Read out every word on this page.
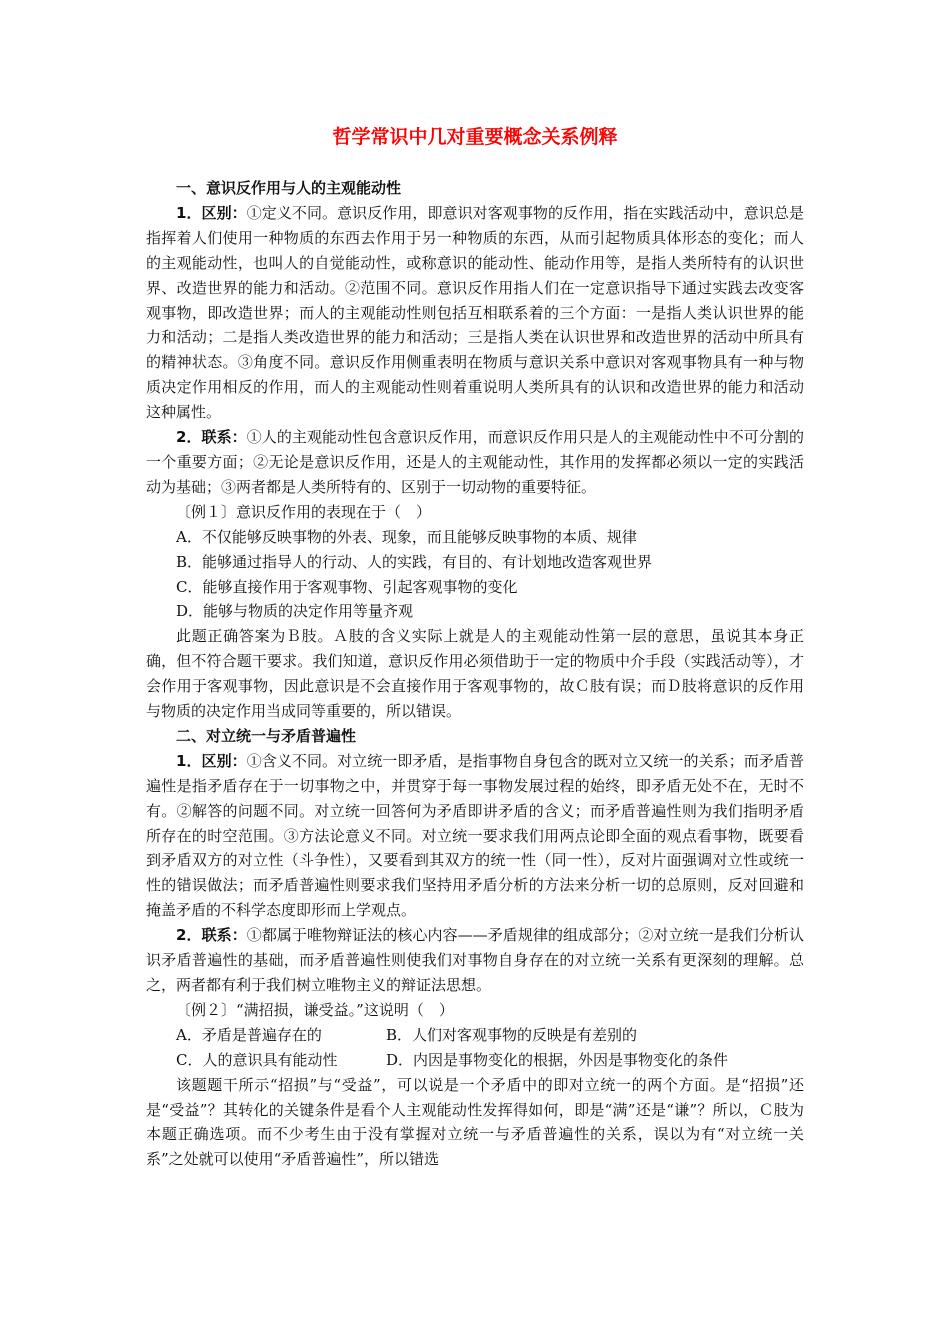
哲学常识中几对重要概念关系例释
一、意识反作用与人的主观能动性

1．区别：①定义不同。意识反作用，即意识对客观事物的反作用，指在实践活动中，意识总是指挥着人们使用一种物质的东西去作用于另一种物质的东西，从而引起物质具体形态的变化；而人的主观能动性，也叫人的自觉能动性，或称意识的能动性、能动作用等，是指人类所特有的认识世界、改造世界的能力和活动。②范围不同。意识反作用指人们在一定意识指导下通过实践去改变客观事物，即改造世界；而人的主观能动性则包括互相联系着的三个方面：一是指人类认识世界的能力和活动；二是指人类改造世界的能力和活动；三是指人类在认识世界和改造世界的活动中所具有的精神状态。③角度不同。意识反作用侧重表明在物质与意识关系中意识对客观事物具有一种与物质决定作用相反的作用，而人的主观能动性则着重说明人类所具有的认识和改造世界的能力和活动这种属性。

2．联系：①人的主观能动性包含意识反作用，而意识反作用只是人的主观能动性中不可分割的一个重要方面；②无论是意识反作用，还是人的主观能动性，其作用的发挥都必须以一定的实践活动为基础；③两者都是人类所特有的、区别于一切动物的重要特征。

〔例１〕意识反作用的表现在于（　）
A．不仅能够反映事物的外表、现象，而且能够反映事物的本质、规律
B．能够通过指导人的行动、人的实践，有目的、有计划地改造客观世界
C．能够直接作用于客观事物、引起客观事物的变化
D．能够与物质的决定作用等量齐观

此题正确答案为Ｂ肢。Ａ肢的含义实际上就是人的主观能动性第一层的意思，虽说其本身正确，但不符合题干要求。我们知道，意识反作用必须借助于一定的物质中介手段（实践活动等），才会作用于客观事物，因此意识是不会直接作用于客观事物的，故Ｃ肢有误；而Ｄ肢将意识的反作用与物质的决定作用当成同等重要的，所以错误。

二、对立统一与矛盾普遍性

1．区别：①含义不同。对立统一即矛盾，是指事物自身包含的既对立又统一的关系；而矛盾普遍性是指矛盾存在于一切事物之中，并贯穿于每一事物发展过程的始终，即矛盾无处不在，无时不有。②解答的问题不同。对立统一回答何为矛盾即讲矛盾的含义；而矛盾普遍性则为我们指明矛盾所存在的时空范围。③方法论意义不同。对立统一要求我们用两点论即全面的观点看事物，既要看到矛盾双方的对立性（斗争性），又要看到其双方的统一性（同一性），反对片面强调对立性或统一性的错误做法；而矛盾普遍性则要求我们坚持用矛盾分析的方法来分析一切的总原则，反对回避和掩盖矛盾的不科学态度即形而上学观点。

2．联系：①都属于唯物辩证法的核心内容——矛盾规律的组成部分；②对立统一是我们分析认识矛盾普遍性的基础，而矛盾普遍性则使我们对事物自身存在的对立统一关系有更深刻的理解。总之，两者都有利于我们树立唯物主义的辩证法思想。

〔例２〕“满招损，谦受益。”这说明（　）
A．矛盾是普遍存在的	B．人们对客观事物的反映是有差别的
C．人的意识具有能动性	D．内因是事物变化的根据，外因是事物变化的条件

该题题干所示“招损”与“受益”，可以说是一个矛盾中的即对立统一的两个方面。是“招损”还是“受益”？其转化的关键条件是看个人主观能动性发挥得如何，即是“满”还是“谦”？所以，Ｃ肢为本题正确选项。而不少考生由于没有掌握对立统一与矛盾普遍性的关系，误以为有“对立统一关系”之处就可以使用“矛盾普遍性”，所以错选
